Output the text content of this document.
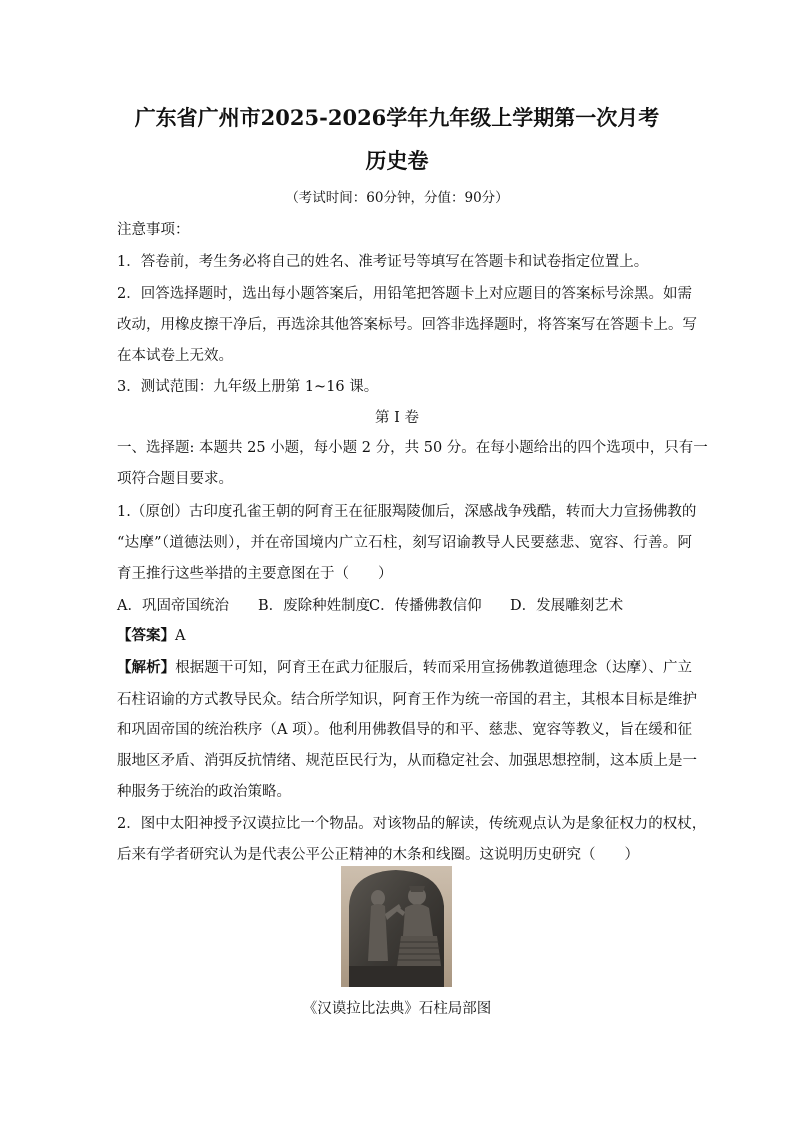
广东省广州市2025-2026学年九年级上学期第一次月考
历史卷
（考试时间：60分钟，分值：90分）
注意事项：
1．答卷前，考生务必将自己的姓名、准考证号等填写在答题卡和试卷指定位置上。
2．回答选择题时，选出每小题答案后，用铅笔把答题卡上对应题目的答案标号涂黑。如需
改动，用橡皮擦干净后，再选涂其他答案标号。回答非选择题时，将答案写在答题卡上。写
在本试卷上无效。
3．测试范围：九年级上册第 1~16 课。
第 I 卷
一、选择题: 本题共 25 小题，每小题 2 分，共 50 分。在每小题给出的四个选项中，只有一
项符合题目要求。
1.（原创）古印度孔雀王朝的阿育王在征服羯陵伽后，深感战争残酷，转而大力宣扬佛教的
“达摩”（道德法则），并在帝国境内广立石柱，刻写诏谕教导人民要慈悲、宽容、行善。阿
育王推行这些举措的主要意图在于（　　）
A．巩固帝国统治 B．废除种姓制度
C．传播佛教信仰 D．发展雕刻艺术
【答案】A
【解析】根据题干可知，阿育王在武力征服后，转而采用宣扬佛教道德理念（达摩）、广立
石柱诏谕的方式教导民众。结合所学知识，阿育王作为统一帝国的君主，其根本目标是维护
和巩固帝国的统治秩序（A 项）。他利用佛教倡导的和平、慈悲、宽容等教义，旨在缓和征
服地区矛盾、消弭反抗情绪、规范臣民行为，从而稳定社会、加强思想控制，这本质上是一
种服务于统治的政治策略。
2．图中太阳神授予汉谟拉比一个物品。对该物品的解读，传统观点认为是象征权力的权杖，
后来有学者研究认为是代表公平公正精神的木条和线圈。这说明历史研究（　　）
《汉谟拉比法典》石柱局部图
